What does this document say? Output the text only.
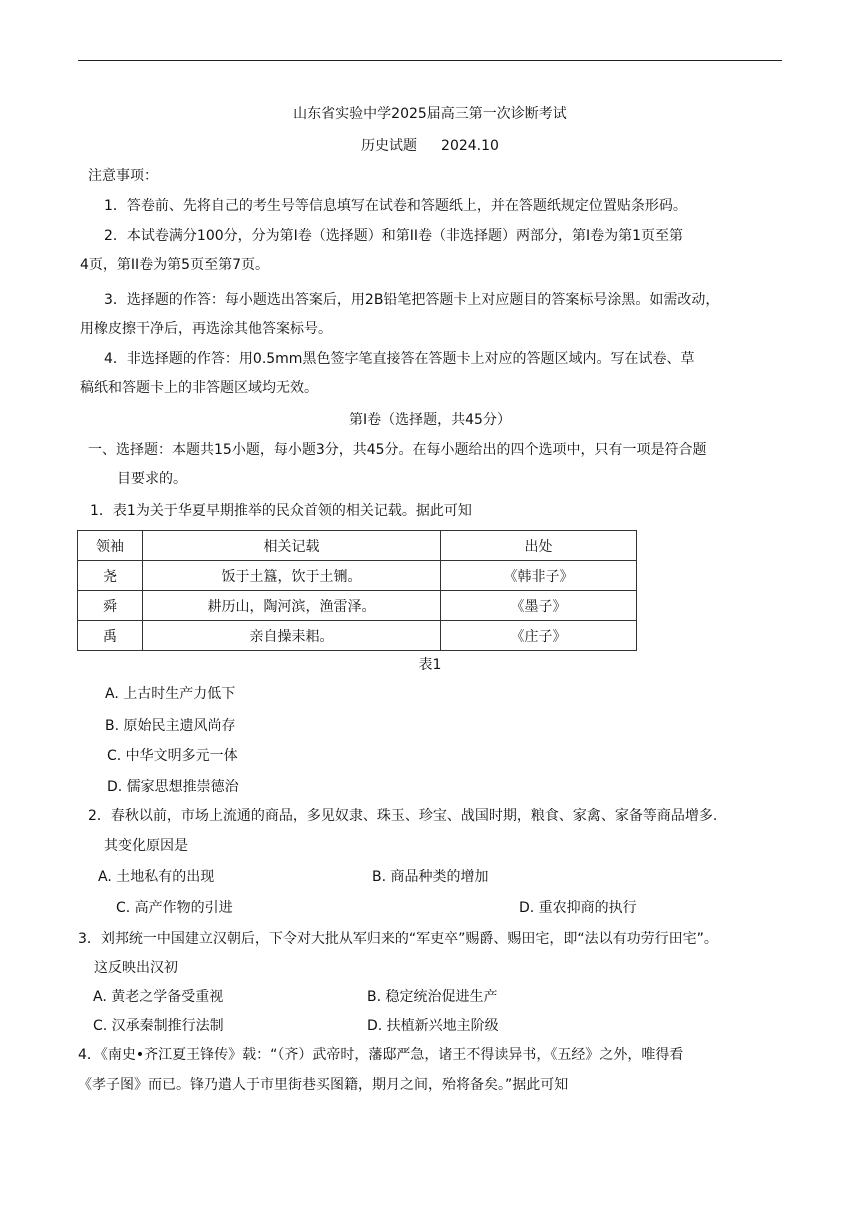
山东省实验中学2025届高三第一次诊断考试
历史试题 2024.10
注意事项：
1．答卷前、先将自己的考生号等信息填写在试卷和答题纸上，并在答题纸规定位置贴条形码。
2．本试卷满分100分，分为第I卷（选择题）和第II卷（非选择题）两部分，第I卷为第1页至第
4页，第II卷为第5页至第7页。
3．选择题的作答：每小题选出答案后，用2B铅笔把答题卡上对应题目的答案标号涂黑。如需改动，
用橡皮擦干净后，再选涂其他答案标号。
4．非选择题的作答：用0.5mm黑色签字笔直接答在答题卡上对应的答题区域内。写在试卷、草
稿纸和答题卡上的非答题区域均无效。
第I卷（选择题，共45分）
一、选择题：本题共15小题，每小题3分，共45分。在每小题给出的四个选项中，只有一项是符合题
目要求的。
1．表1为关于华夏早期推举的民众首领的相关记载。据此可知
领袖	相关记载	出处
尧	饭于土簋，饮于土铏。	《韩非子》
舜	耕历山，陶河滨，渔雷泽。	《墨子》
禹	亲自操耒耜。	《庄子》
表1
A. 上古时生产力低下
B. 原始民主遗风尚存
C. 中华文明多元一体
D. 儒家思想推崇德治
2．春秋以前，市场上流通的商品，多见奴隶、珠玉、珍宝、战国时期，粮食、家禽、家备等商品增多.
其变化原因是
A. 土地私有的出现	B. 商品种类的增加
C. 高产作物的引进	D. 重农抑商的执行
3．刘邦统一中国建立汉朝后，下令对大批从军归来的“军吏卒”赐爵、赐田宅，即“法以有功劳行田宅”。
这反映出汉初
A. 黄老之学备受重视	B. 稳定统治促进生产
C. 汉承秦制推行法制	D. 扶植新兴地主阶级
4．《南史•齐江夏王锋传》载：“（齐）武帝时，藩邸严急，诸王不得读异书，《五经》之外，唯得看
《孝子图》而已。锋乃遣人于市里街巷买图籍，期月之间，殆将备矣。”据此可知
